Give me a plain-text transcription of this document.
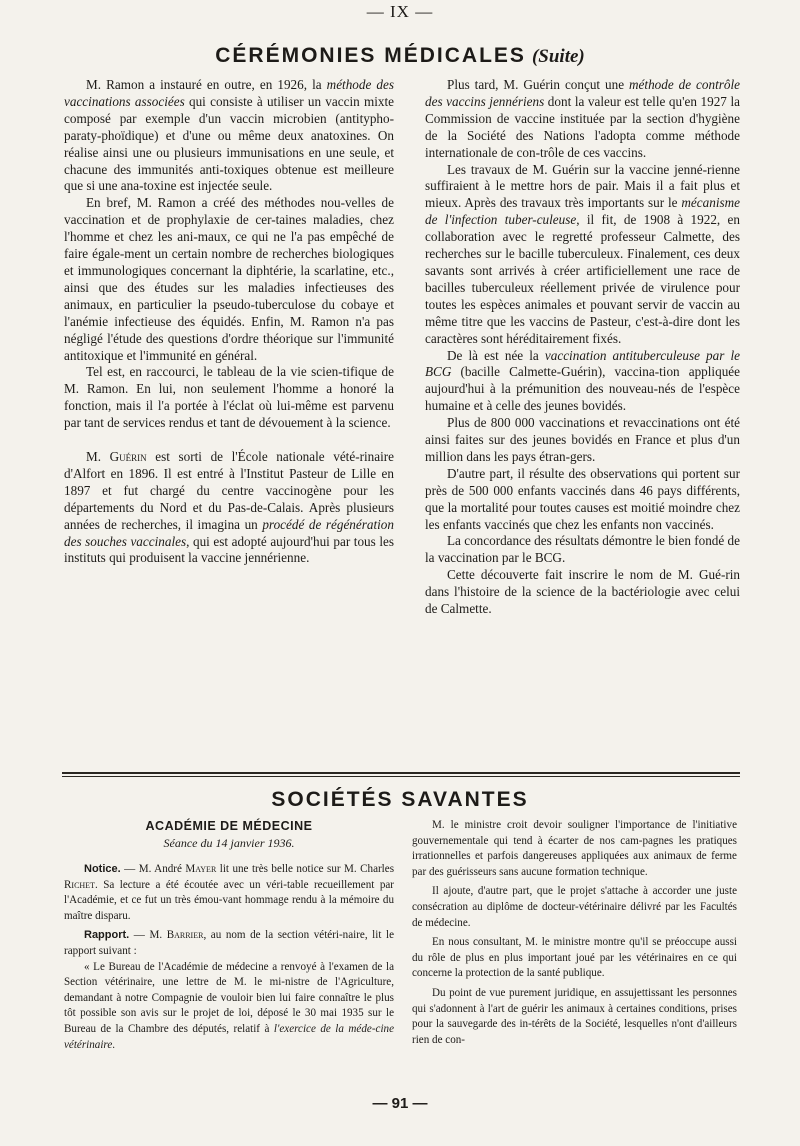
— IX —
CÉRÉMONIES MÉDICALES (Suite)

M. Ramon a instauré en outre, en 1926, la méthode des vaccinations associées qui consiste à utiliser un vaccin mixte composé par exemple d'un vaccin microbien (antitypho-paraty-phoïdique) et d'une ou même deux anatoxines. On réalise ainsi une ou plusieurs immunisations en une seule, et chacune des immunités anti-toxiques obtenue est meilleure que si une ana-toxine est injectée seule.

En bref, M. Ramon a créé des méthodes nou-velles de vaccination et de prophylaxie de cer-taines maladies, chez l'homme et chez les ani-maux, ce qui ne l'a pas empêché de faire égale-ment un certain nombre de recherches biologiques et immunologiques concernant la diphtérie, la scarlatine, etc., ainsi que des études sur les maladies infectieuses des animaux, en particulier la pseudo-tuberculose du cobaye et l'anémie infectieuse des équidés. Enfin, M. Ramon n'a pas négligé l'étude des questions d'ordre théorique sur l'immunité antitoxique et l'immunité en général.

Tel est, en raccourci, le tableau de la vie scien-tifique de M. Ramon. En lui, non seulement l'homme a honoré la fonction, mais il l'a portée à l'éclat où lui-même est parvenu par tant de services rendus et tant de dévouement à la science.

M. Guérin est sorti de l'École nationale vété-rinaire d'Alfort en 1896. Il est entré à l'Institut Pasteur de Lille en 1897 et fut chargé du centre vaccinogène pour les départements du Nord et du Pas-de-Calais. Après plusieurs années de recherches, il imagina un procédé de régénération des souches vaccinales, qui est adopté aujourd'hui par tous les instituts qui produisent la vaccine jennérienne.

Plus tard, M. Guérin conçut une méthode de contrôle des vaccins jennériens dont la valeur est telle qu'en 1927 la Commission de vaccine instituée par la section d'hygiène de la Société des Nations l'adopta comme méthode internationale de con-trôle de ces vaccins.

Les travaux de M. Guérin sur la vaccine jenné-rienne suffiraient à le mettre hors de pair. Mais il a fait plus et mieux. Après des travaux très importants sur le mécanisme de l'infection tuber-culeuse, il fit, de 1908 à 1922, en collaboration avec le regretté professeur Calmette, des recherches sur le bacille tuberculeux. Finalement, ces deux savants sont arrivés à créer artificiellement une race de bacilles tuberculeux réellement privée de virulence pour toutes les espèces animales et pouvant servir de vaccin au même titre que les vaccins de Pasteur, c'est-à-dire dont les caractères sont héréditairement fixés.

De là est née la vaccination antituberculeuse par le BCG (bacille Calmette-Guérin), vaccina-tion appliquée aujourd'hui à la prémunition des nouveau-nés de l'espèce humaine et à celle des jeunes bovidés.

Plus de 800 000 vaccinations et revaccinations ont été ainsi faites sur des jeunes bovidés en France et plus d'un million dans les pays étran-gers.

D'autre part, il résulte des observations qui portent sur près de 500 000 enfants vaccinés dans 46 pays différents, que la mortalité pour toutes causes est moitié moindre chez les enfants vaccinés que chez les enfants non vaccinés.

La concordance des résultats démontre le bien fondé de la vaccination par le BCG.

Cette découverte fait inscrire le nom de M. Gué-rin dans l'histoire de la science de la bactériologie avec celui de Calmette.

SOCIÉTÉS SAVANTES
ACADÉMIE DE MÉDECINE
Séance du 14 janvier 1936.

Notice. — M. André Mayer lit une très belle notice sur M. Charles Richet. Sa lecture a été écoutée avec un véri-table recueillement par l'Académie, et ce fut un très émou-vant hommage rendu à la mémoire du maître disparu.

Rapport. — M. Barrier, au nom de la section vétéri-naire, lit le rapport suivant :

« Le Bureau de l'Académie de médecine a renvoyé à l'examen de la Section vétérinaire, une lettre de M. le mi-nistre de l'Agriculture, demandant à notre Compagnie de vouloir bien lui faire connaître le plus tôt possible son avis sur le projet de loi, déposé le 30 mai 1935 sur le Bureau de la Chambre des députés, relatif à l'exercice de la méde-cine vétérinaire.

M. le ministre croit devoir souligner l'importance de l'initiative gouvernementale qui tend à écarter de nos cam-pagnes les pratiques irrationnelles et parfois dangereuses appliquées aux animaux de ferme par des guérisseurs sans aucune formation technique.

Il ajoute, d'autre part, que le projet s'attache à accorder une juste consécration au diplôme de docteur-vétérinaire délivré par les Facultés de médecine.

En nous consultant, M. le ministre montre qu'il se préoccupe aussi du rôle de plus en plus important joué par les vétérinaires en ce qui concerne la protection de la santé publique.

Du point de vue purement juridique, en assujettissant les personnes qui s'adonnent à l'art de guérir les animaux à certaines conditions, prises pour la sauvegarde des in-térêts de la Société, lesquelles n'ont d'ailleurs rien de con-

— 91 —
